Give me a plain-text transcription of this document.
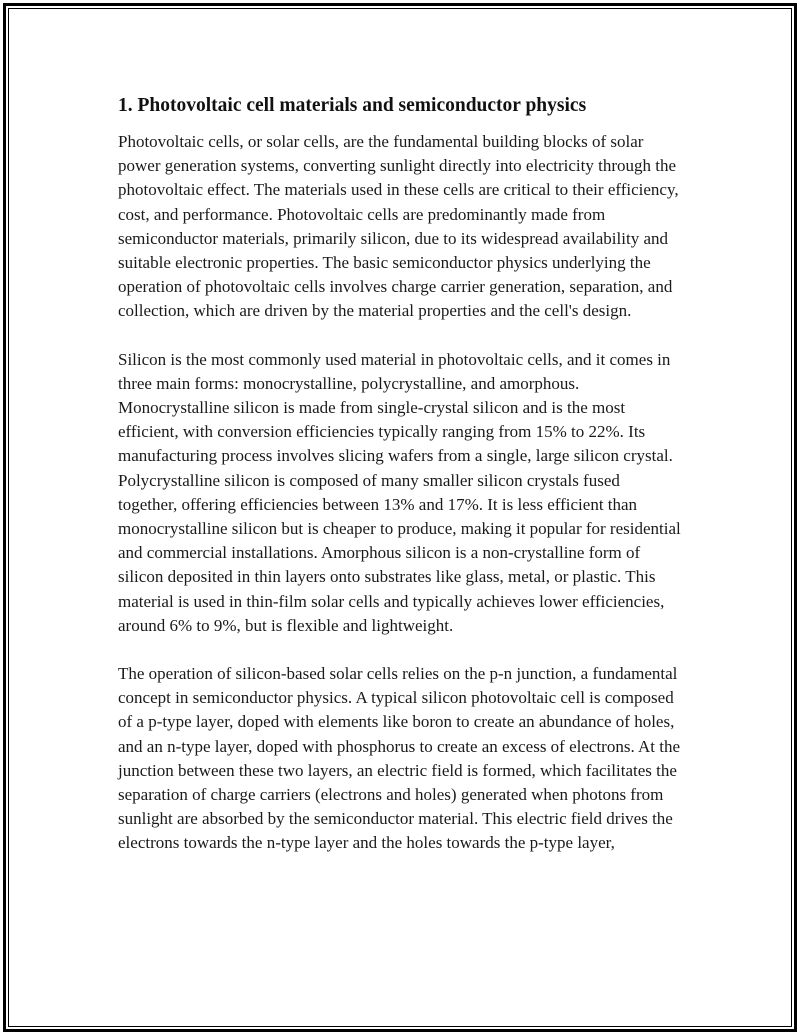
1. Photovoltaic cell materials and semiconductor physics

Photovoltaic cells, or solar cells, are the fundamental building blocks of solar power generation systems, converting sunlight directly into electricity through the photovoltaic effect. The materials used in these cells are critical to their efficiency, cost, and performance. Photovoltaic cells are predominantly made from semiconductor materials, primarily silicon, due to its widespread availability and suitable electronic properties. The basic semiconductor physics underlying the operation of photovoltaic cells involves charge carrier generation, separation, and collection, which are driven by the material properties and the cell's design.

Silicon is the most commonly used material in photovoltaic cells, and it comes in three main forms: monocrystalline, polycrystalline, and amorphous. Monocrystalline silicon is made from single-crystal silicon and is the most efficient, with conversion efficiencies typically ranging from 15% to 22%. Its manufacturing process involves slicing wafers from a single, large silicon crystal. Polycrystalline silicon is composed of many smaller silicon crystals fused together, offering efficiencies between 13% and 17%. It is less efficient than monocrystalline silicon but is cheaper to produce, making it popular for residential and commercial installations. Amorphous silicon is a non-crystalline form of silicon deposited in thin layers onto substrates like glass, metal, or plastic. This material is used in thin-film solar cells and typically achieves lower efficiencies, around 6% to 9%, but is flexible and lightweight.

The operation of silicon-based solar cells relies on the p-n junction, a fundamental concept in semiconductor physics. A typical silicon photovoltaic cell is composed of a p-type layer, doped with elements like boron to create an abundance of holes, and an n-type layer, doped with phosphorus to create an excess of electrons. At the junction between these two layers, an electric field is formed, which facilitates the separation of charge carriers (electrons and holes) generated when photons from sunlight are absorbed by the semiconductor material. This electric field drives the electrons towards the n-type layer and the holes towards the p-type layer,
